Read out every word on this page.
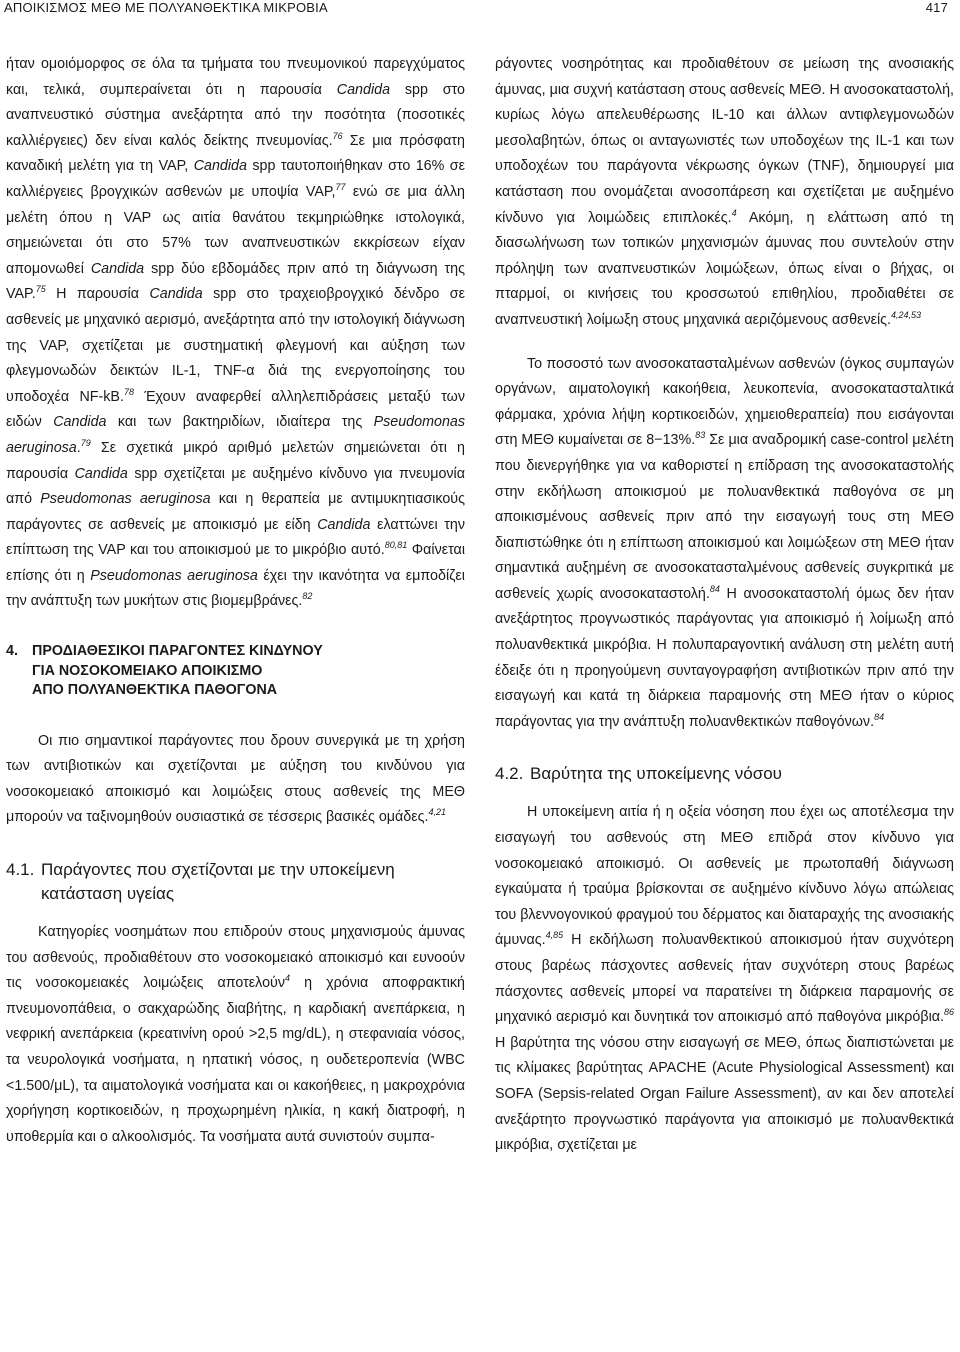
ΑΠΟΙΚΙΣΜΟΣ ΜΕΘ ΜΕ ΠΟΛΥΑΝΘΕΚΤΙΚΑ ΜΙΚΡΟΒΙΑ	417

ήταν ομοιόμορφος σε όλα τα τμήματα του πνευμονικού παρεγχύματος και, τελικά, συμπεραίνεται ότι η παρουσία Candida spp στο αναπνευστικό σύστημα ανεξάρτητα από την ποσότητα (ποσοτικές καλλιέργειες) δεν είναι καλός δείκτης πνευμονίας.$^{76}$ Σε μια πρόσφατη καναδική μελέτη για τη VAP, Candida spp ταυτοποιήθηκαν στο 16% σε καλλιέργειες βρογχικών ασθενών με υποψία VAP,$^{77}$ ενώ σε μια άλλη μελέτη όπου η VAP ως αιτία θανάτου τεκμηριώθηκε ιστολογικά, σημειώνεται ότι στο 57% των αναπνευστικών εκκρίσεων είχαν απομονωθεί Candida spp δύο εβδομάδες πριν από τη διάγνωση της VAP.$^{75}$ Η παρουσία Candida spp στο τραχειοβρογχικό δένδρο σε ασθενείς με μηχανικό αερισμό, ανεξάρτητα από την ιστολογική διάγνωση της VAP, σχετίζεται με συστηματική φλεγμονή και αύξηση των φλεγμονωδών δεικτών IL-1, TNF-α διά της ενεργοποίησης του υποδοχέα NF-kB.$^{78}$ Έχουν αναφερθεί αλληλεπιδράσεις μεταξύ των ειδών Candida και των βακτηριδίων, ιδιαίτερα της Pseudomonas aeruginosa.$^{79}$ Σε σχετικά μικρό αριθμό μελετών σημειώνεται ότι η παρουσία Candida spp σχετίζεται με αυξημένο κίνδυνο για πνευμονία από Pseudomonas aeruginosa και η θεραπεία με αντιμυκητιασικούς παράγοντες σε ασθενείς με αποικισμό με είδη Candida ελαττώνει την επίπτωση της VAP και του αποικισμού με το μικρόβιο αυτό.$^{80,81}$ Φαίνεται επίσης ότι η Pseudomonas aeruginosa έχει την ικανότητα να εμποδίζει την ανάπτυξη των μυκήτων στις βιομεμβράνες.$^{82}$

4. ΠΡΟΔΙΑΘΕΣΙΚΟΙ ΠΑΡΑΓΟΝΤΕΣ ΚΙΝΔΥΝΟΥ
ΓΙΑ ΝΟΣΟΚΟΜΕΙΑΚΟ ΑΠΟΙΚΙΣΜΟ
ΑΠΟ ΠΟΛΥΑΝΘΕΚΤΙΚΑ ΠΑΘΟΓΟΝΑ

Οι πιο σημαντικοί παράγοντες που δρουν συνεργικά με τη χρήση των αντιβιοτικών και σχετίζονται με αύξηση του κινδύνου για νοσοκομειακό αποικισμό και λοιμώξεις στους ασθενείς της ΜΕΘ μπορούν να ταξινομηθούν ουσιαστικά σε τέσσερις βασικές ομάδες.$^{4,21}$

4.1. Παράγοντες που σχετίζονται με την υποκείμενη κατάσταση υγείας

Κατηγορίες νοσημάτων που επιδρούν στους μηχανισμούς άμυνας του ασθενούς, προδιαθέτουν στο νοσοκομειακό αποικισμό και ευνοούν τις νοσοκομειακές λοιμώξεις αποτελούν$^4$ η χρόνια αποφρακτική πνευμονοπάθεια, ο σακχαρώδης διαβήτης, η καρδιακή ανεπάρκεια, η νεφρική ανεπάρκεια (κρεατινίνη ορού >2,5 mg/dL), η στεφανιαία νόσος, τα νευρολογικά νοσήματα, η ηπατική νόσος, η ουδετεροπενία (WBC <1.500/μL), τα αιματολογικά νοσήματα και οι κακοήθειες, η μακροχρόνια χορήγηση κορτικοειδών, η προχωρημένη ηλικία, η κακή διατροφή, η υποθερμία και ο αλκοολισμός. Τα νοσήματα αυτά συνιστούν συμπα-

ράγοντες νοσηρότητας και προδιαθέτουν σε μείωση της ανοσιακής άμυνας, μια συχνή κατάσταση στους ασθενείς ΜΕΘ. Η ανοσοκαταστολή, κυρίως λόγω απελευθέρωσης IL-10 και άλλων αντιφλεγμονωδών μεσολαβητών, όπως οι ανταγωνιστές των υποδοχέων της IL-1 και των υποδοχέων του παράγοντα νέκρωσης όγκων (TNF), δημιουργεί μια κατάσταση που ονομάζεται ανοσοπάρεση και σχετίζεται με αυξημένο κίνδυνο για λοιμώδεις επιπλοκές.$^4$ Ακόμη, η ελάττωση από τη διασωλήνωση των τοπικών μηχανισμών άμυνας που συντελούν στην πρόληψη των αναπνευστικών λοιμώξεων, όπως είναι ο βήχας, οι πταρμοί, οι κινήσεις του κροσσωτού επιθηλίου, προδιαθέτει σε αναπνευστική λοίμωξη στους μηχανικά αεριζόμενους ασθενείς.$^{4,24,53}$

Το ποσοστό των ανοσοκατασταλμένων ασθενών (όγκος συμπαγών οργάνων, αιματολογική κακοήθεια, λευκοπενία, ανοσοκατασταλτικά φάρμακα, χρόνια λήψη κορτικοειδών, χημειοθεραπεία) που εισάγονται στη ΜΕΘ κυμαίνεται σε 8−13%.$^{83}$ Σε μια αναδρομική case-control μελέτη που διενεργήθηκε για να καθοριστεί η επίδραση της ανοσοκαταστολής στην εκδήλωση αποικισμού με πολυανθεκτικά παθογόνα σε μη αποικισμένους ασθενείς πριν από την εισαγωγή τους στη ΜΕΘ διαπιστώθηκε ότι η επίπτωση αποικισμού και λοιμώξεων στη ΜΕΘ ήταν σημαντικά αυξημένη σε ανοσοκατασταλμένους ασθενείς συγκριτικά με ασθενείς χωρίς ανοσοκαταστολή.$^{84}$ Η ανοσοκαταστολή όμως δεν ήταν ανεξάρτητος προγνωστικός παράγοντας για αποικισμό ή λοίμωξη από πολυανθεκτικά μικρόβια. Η πολυπαραγοντική ανάλυση στη μελέτη αυτή έδειξε ότι η προηγούμενη συνταγογραφήση αντιβιοτικών πριν από την εισαγωγή και κατά τη διάρκεια παραμονής στη ΜΕΘ ήταν ο κύριος παράγοντας για την ανάπτυξη πολυανθεκτικών παθογόνων.$^{84}$

4.2. Βαρύτητα της υποκείμενης νόσου

Η υποκείμενη αιτία ή η οξεία νόσηση που έχει ως αποτέλεσμα την εισαγωγή του ασθενούς στη ΜΕΘ επιδρά στον κίνδυνο για νοσοκομειακό αποικισμό. Οι ασθενείς με πρωτοπαθή διάγνωση εγκαύματα ή τραύμα βρίσκονται σε αυξημένο κίνδυνο λόγω απώλειας του βλεννογονικού φραγμού του δέρματος και διαταραχής της ανοσιακής άμυνας.$^{4,85}$ Η εκδήλωση πολυανθεκτικού αποικισμού ήταν συχνότερη στους βαρέως πάσχοντες ασθενείς ήταν συχνότερη στους βαρέως πάσχοντες ασθενείς μπορεί να παρατείνει τη διάρκεια παραμονής σε μηχανικό αερισμό και δυνητικά τον αποικισμό από παθογόνα μικρόβια.$^{86}$ Η βαρύτητα της νόσου στην εισαγωγή σε ΜΕΘ, όπως διαπιστώνεται με τις κλίμακες βαρύτητας APACHE (Acute Physiological Assessment) και SOFA (Sepsis-related Organ Failure Assessment), αν και δεν αποτελεί ανεξάρτητο προγνωστικό παράγοντα για αποικισμό με πολυανθεκτικά μικρόβια, σχετίζεται με
